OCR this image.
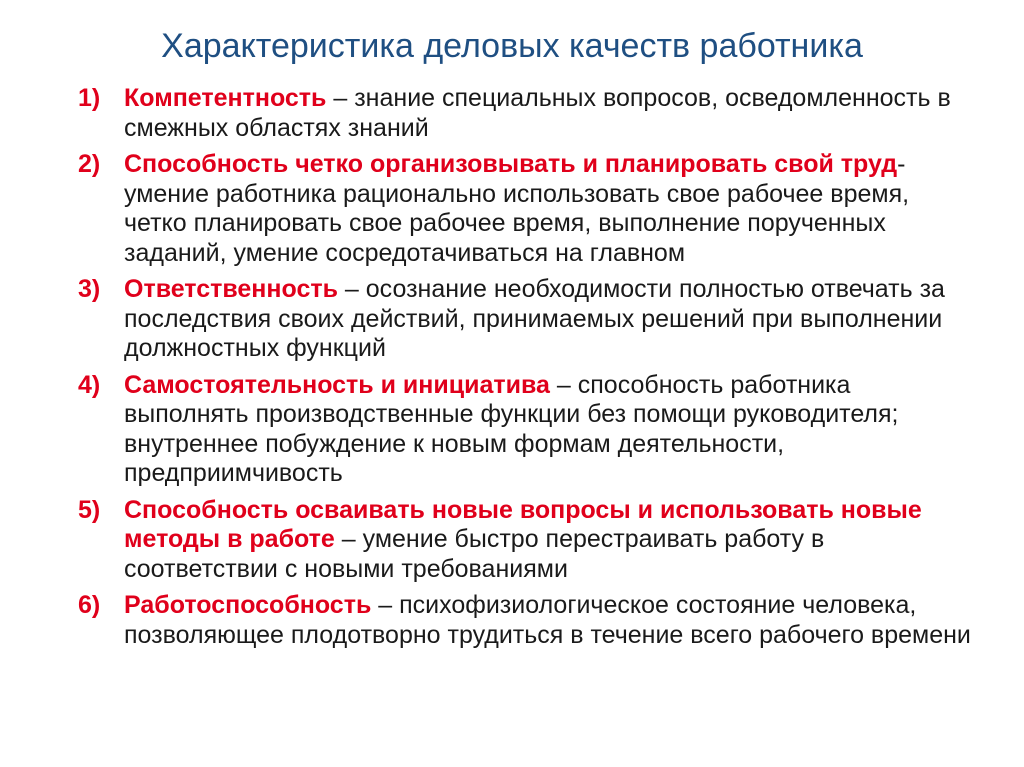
Характеристика деловых качеств работника
1) Компетентность – знание специальных вопросов, осведомленность в смежных областях знаний
2) Способность четко организовывать и планировать свой труд- умение работника рационально использовать свое рабочее время, четко планировать свое рабочее время, выполнение порученных заданий, умение сосредотачиваться на главном
3) Ответственность – осознание необходимости полностью отвечать за последствия своих действий, принимаемых решений при выполнении должностных функций
4) Самостоятельность и инициатива – способность работника выполнять производственные функции без помощи руководителя; внутреннее побуждение к новым формам деятельности, предприимчивость
5) Способность осваивать новые вопросы и использовать новые методы в работе – умение быстро перестраивать работу в соответствии с новыми требованиями
6) Работоспособность – психофизиологическое состояние человека, позволяющее плодотворно трудиться в течение всего рабочего времени
